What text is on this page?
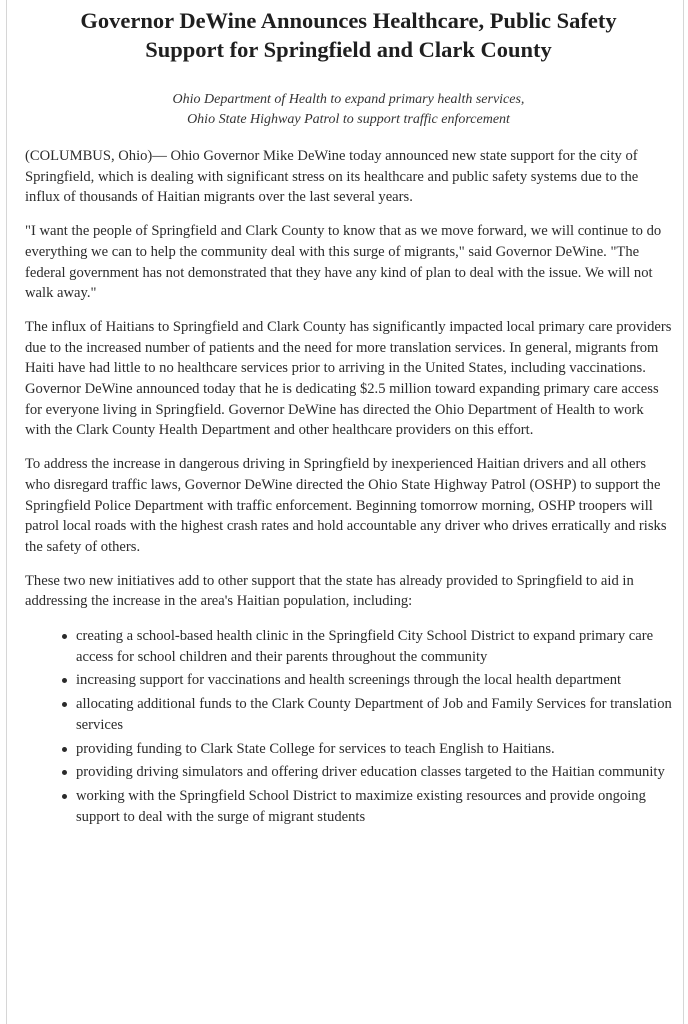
Governor DeWine Announces Healthcare, Public Safety
Support for Springfield and Clark County
Ohio Department of Health to expand primary health services,
Ohio State Highway Patrol to support traffic enforcement

(COLUMBUS, Ohio)— Ohio Governor Mike DeWine today announced new state support for the city of Springfield, which is dealing with significant stress on its healthcare and public safety systems due to the influx of thousands of Haitian migrants over the last several years.

"I want the people of Springfield and Clark County to know that as we move forward, we will continue to do everything we can to help the community deal with this surge of migrants," said Governor DeWine. "The federal government has not demonstrated that they have any kind of plan to deal with the issue. We will not walk away."

The influx of Haitians to Springfield and Clark County has significantly impacted local primary care providers due to the increased number of patients and the need for more translation services. In general, migrants from Haiti have had little to no healthcare services prior to arriving in the United States, including vaccinations. Governor DeWine announced today that he is dedicating $2.5 million toward expanding primary care access for everyone living in Springfield. Governor DeWine has directed the Ohio Department of Health to work with the Clark County Health Department and other healthcare providers on this effort.

To address the increase in dangerous driving in Springfield by inexperienced Haitian drivers and all others who disregard traffic laws, Governor DeWine directed the Ohio State Highway Patrol (OSHP) to support the Springfield Police Department with traffic enforcement. Beginning tomorrow morning, OSHP troopers will patrol local roads with the highest crash rates and hold accountable any driver who drives erratically and risks the safety of others.

These two new initiatives add to other support that the state has already provided to Springfield to aid in addressing the increase in the area's Haitian population, including:

creating a school-based health clinic in the Springfield City School District to expand primary care access for school children and their parents throughout the community
increasing support for vaccinations and health screenings through the local health department
allocating additional funds to the Clark County Department of Job and Family Services for translation services
providing funding to Clark State College for services to teach English to Haitians.
providing driving simulators and offering driver education classes targeted to the Haitian community
working with the Springfield School District to maximize existing resources and provide ongoing support to deal with the surge of migrant students
